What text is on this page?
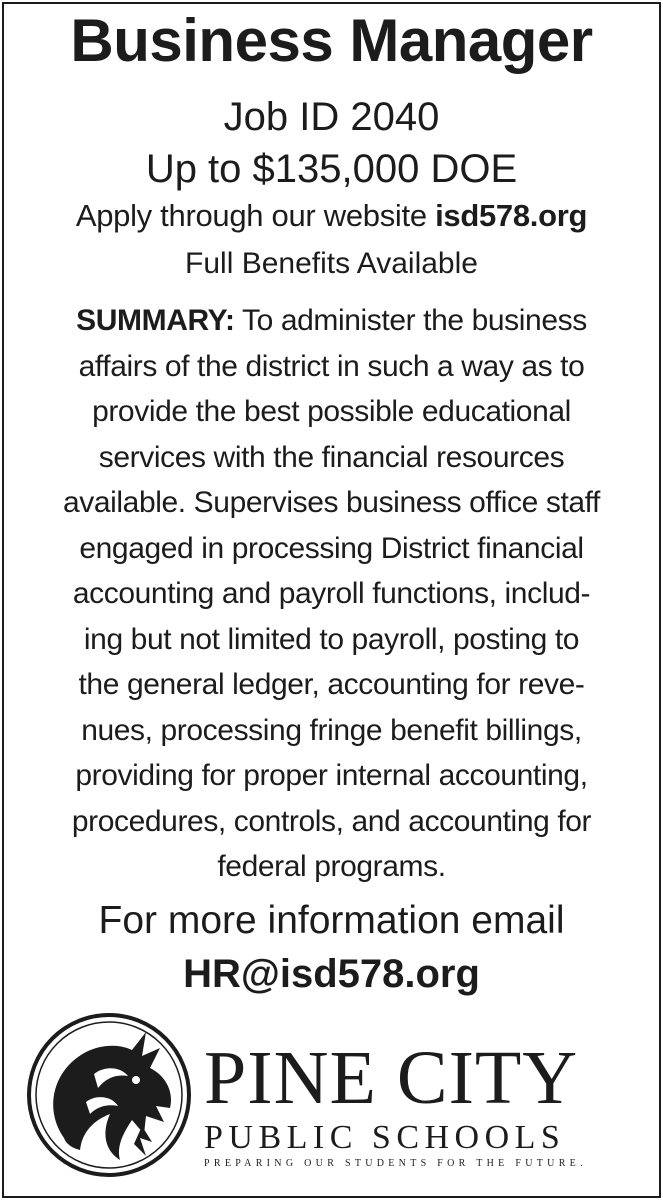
Business Manager
Job ID 2040
Up to $135,000 DOE
Apply through our website isd578.org
Full Benefits Available
SUMMARY: To administer the business
affairs of the district in such a way as to
provide the best possible educational
services with the financial resources
available. Supervises business office staff
engaged in processing District financial
accounting and payroll functions, includ-
ing but not limited to payroll, posting to
the general ledger, accounting for reve-
nues, processing fringe benefit billings,
providing for proper internal accounting,
procedures, controls, and accounting for
federal programs.
For more information email
HR@isd578.org
PINE CITY
PUBLIC SCHOOLS
PREPARING OUR STUDENTS FOR THE FUTURE.
